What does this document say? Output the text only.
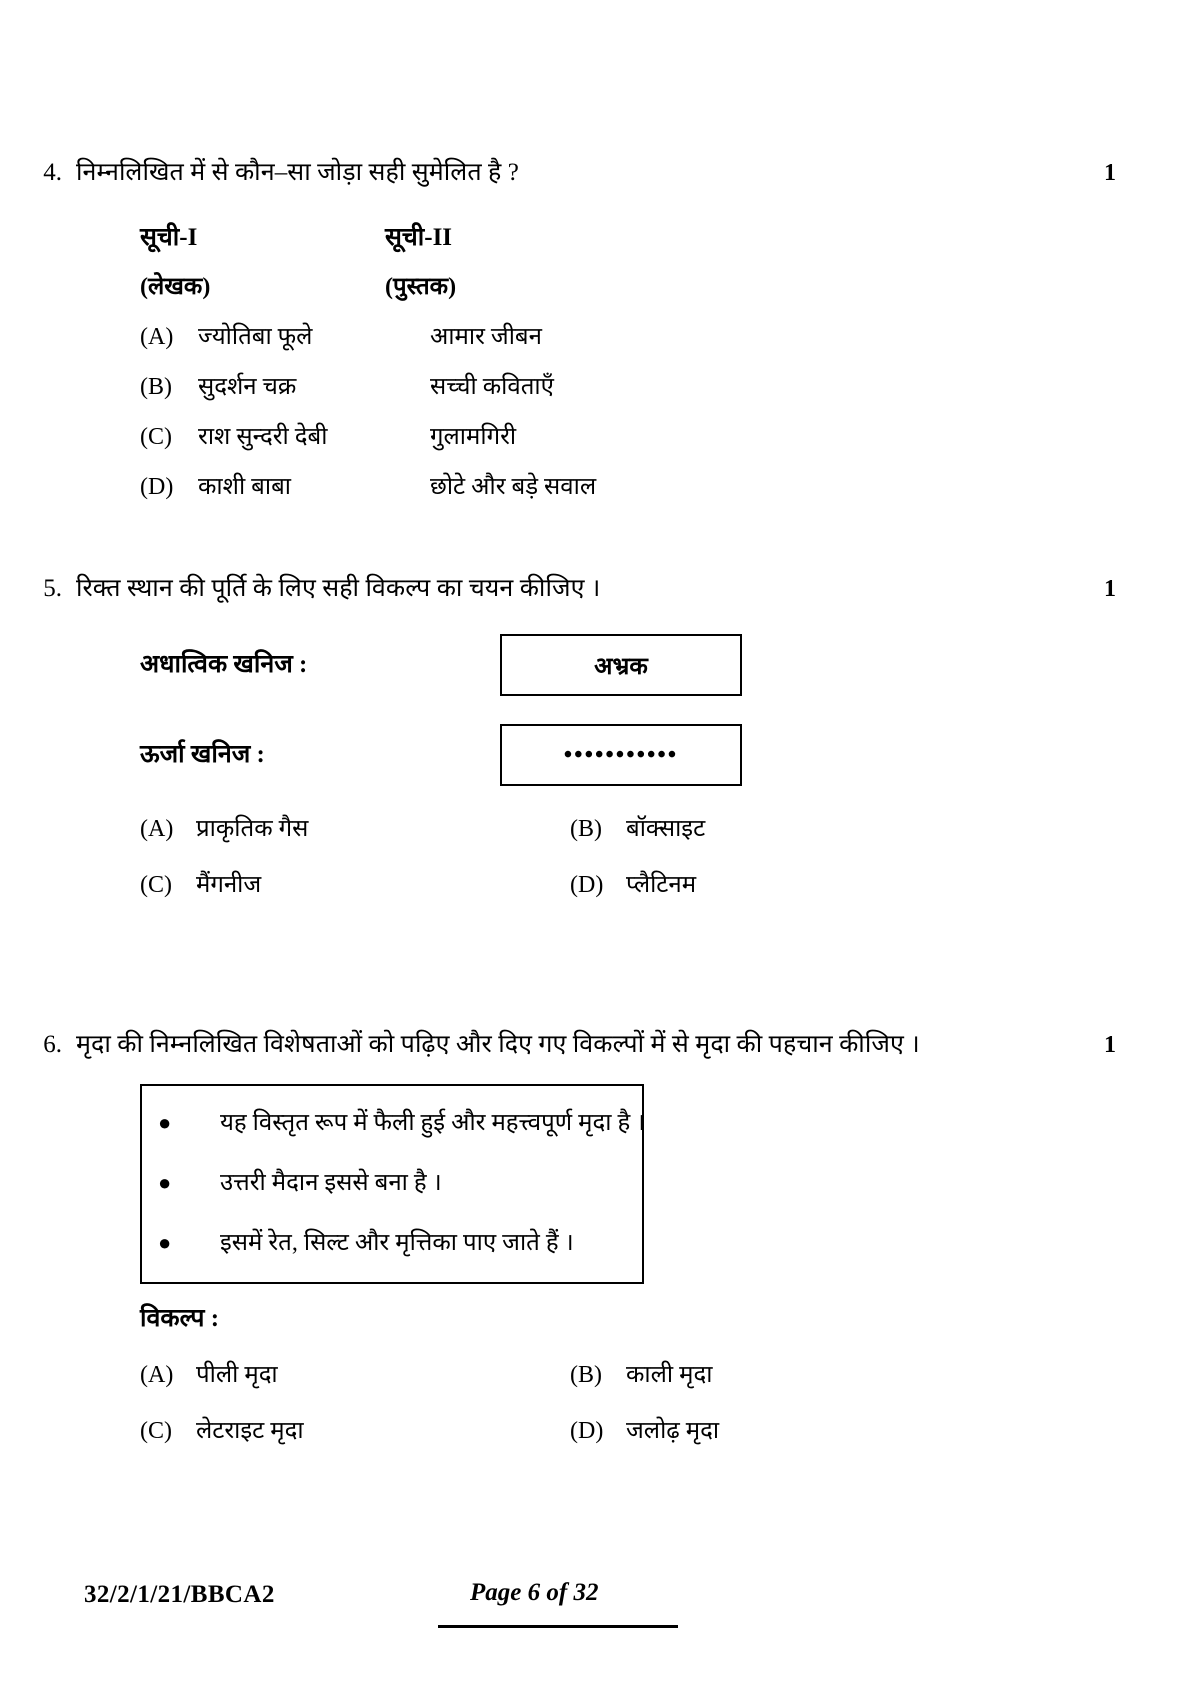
4. निम्नलिखित में से कौन–सा जोड़ा सही सुमेलित है ?	1
सूची-I	सूची-II
(लेखक)	(पुस्तक)
(A)	ज्योतिबा फूले	आमार जीबन
(B)	सुदर्शन चक्र	सच्ची कविताएँ
(C)	राश सुन्दरी देबी	गुलामगिरी
(D)	काशी बाबा	छोटे और बड़े सवाल
5. रिक्त स्थान की पूर्ति के लिए सही विकल्प का चयन कीजिए ।	1
अधात्विक खनिज :	अभ्रक
ऊर्जा खनिज :	•••••••••••
(A) प्राकृतिक गैस	(B)	बॉक्साइट
(C)	मैंगनीज	(D) प्लैटिनम
6. मृदा की निम्नलिखित विशेषताओं को पढ़िए और दिए गए विकल्पों में से मृदा की पहचान कीजिए ।	1
●	यह विस्तृत रूप में फैली हुई और महत्त्वपूर्ण मृदा है ।
●	उत्तरी मैदान इससे बना है ।
●	इसमें रेत, सिल्ट और मृत्तिका पाए जाते हैं ।
विकल्प :
(A) पीली मृदा	(B)	काली मृदा
(C)	लेटराइट मृदा	(D) जलोढ़ मृदा
32/2/1/21/BBCA2	Page 6 of 32
